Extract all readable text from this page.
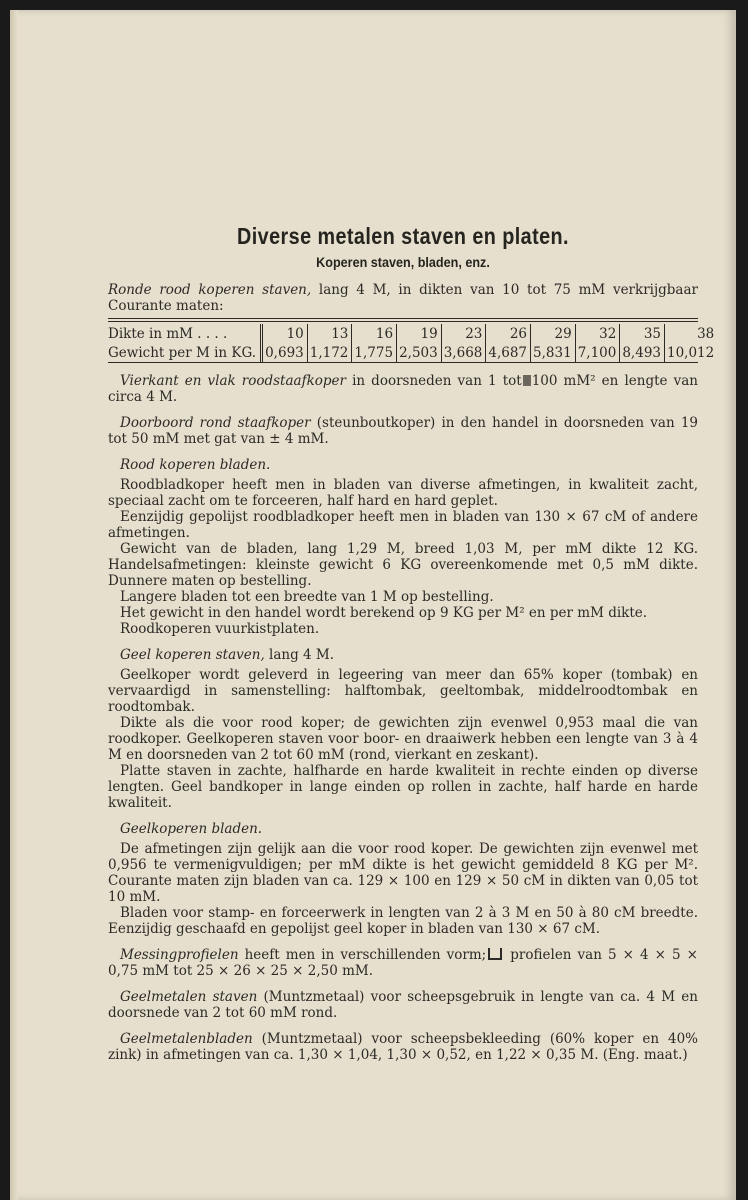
Diverse metalen staven en platen.
Koperen staven, bladen, enz.

Ronde rood koperen staven, lang 4 M, in dikten van 10 tot 75 mM verkrijgbaar Courante maten:

Dikte in mM . . . .	10	13	16	19	23	26	29	32	35	38
Gewicht per M in KG.	0,693	1,172	1,775	2,503	3,668	4,687	5,831	7,100	8,493	10,012

Vierkant en vlak roodstaafkoper in doorsneden van 1 tot 100 mM² en lengte van circa 4 M.

Doorboord rond staafkoper (steunboutkoper) in den handel in doorsneden van 19 tot 50 mM met gat van ± 4 mM.

Rood koperen bladen.

Roodbladkoper heeft men in bladen van diverse afmetingen, in kwaliteit zacht, speciaal zacht om te forceeren, half hard en hard geplet.

Eenzijdig gepolijst roodbladkoper heeft men in bladen van 130 × 67 cM of andere afmetingen.

Gewicht van de bladen, lang 1,29 M, breed 1,03 M, per mM dikte 12 KG. Handelsafmetingen: kleinste gewicht 6 KG overeenkomende met 0,5 mM dikte. Dunnere maten op bestelling.

Langere bladen tot een breedte van 1 M op bestelling.

Het gewicht in den handel wordt berekend op 9 KG per M² en per mM dikte.

Roodkoperen vuurkistplaten.

Geel koperen staven, lang 4 M.

Geelkoper wordt geleverd in legeering van meer dan 65% koper (tombak) en vervaardigd in samenstelling: halftombak, geeltombak, middelroodtombak en roodtombak.

Dikte als die voor rood koper; de gewichten zijn evenwel 0,953 maal die van roodkoper. Geelkoperen staven voor boor- en draaiwerk hebben een lengte van 3 à 4 M en doorsneden van 2 tot 60 mM (rond, vierkant en zeskant).

Platte staven in zachte, halfharde en harde kwaliteit in rechte einden op diverse lengten. Geel bandkoper in lange einden op rollen in zachte, half harde en harde kwaliteit.

Geelkoperen bladen.

De afmetingen zijn gelijk aan die voor rood koper. De gewichten zijn evenwel met 0,956 te vermenigvuldigen; per mM dikte is het gewicht gemiddeld 8 KG per M². Courante maten zijn bladen van ca. 129 × 100 en 129 × 50 cM in dikten van 0,05 tot 10 mM.

Bladen voor stamp- en forceerwerk in lengten van 2 à 3 M en 50 à 80 cM breedte. Eenzijdig geschaafd en gepolijst geel koper in bladen van 130 × 67 cM.

Messingprofielen heeft men in verschillenden vorm; profielen van 5 × 4 × 5 × 0,75 mM tot 25 × 26 × 25 × 2,50 mM.

Geelmetalen staven (Muntzmetaal) voor scheepsgebruik in lengte van ca. 4 M en doorsnede van 2 tot 60 mM rond.

Geelmetalenbladen (Muntzmetaal) voor scheepsbekleeding (60% koper en 40% zink) in afmetingen van ca. 1,30 × 1,04, 1,30 × 0,52, en 1,22 × 0,35 M. (Eng. maat.)
